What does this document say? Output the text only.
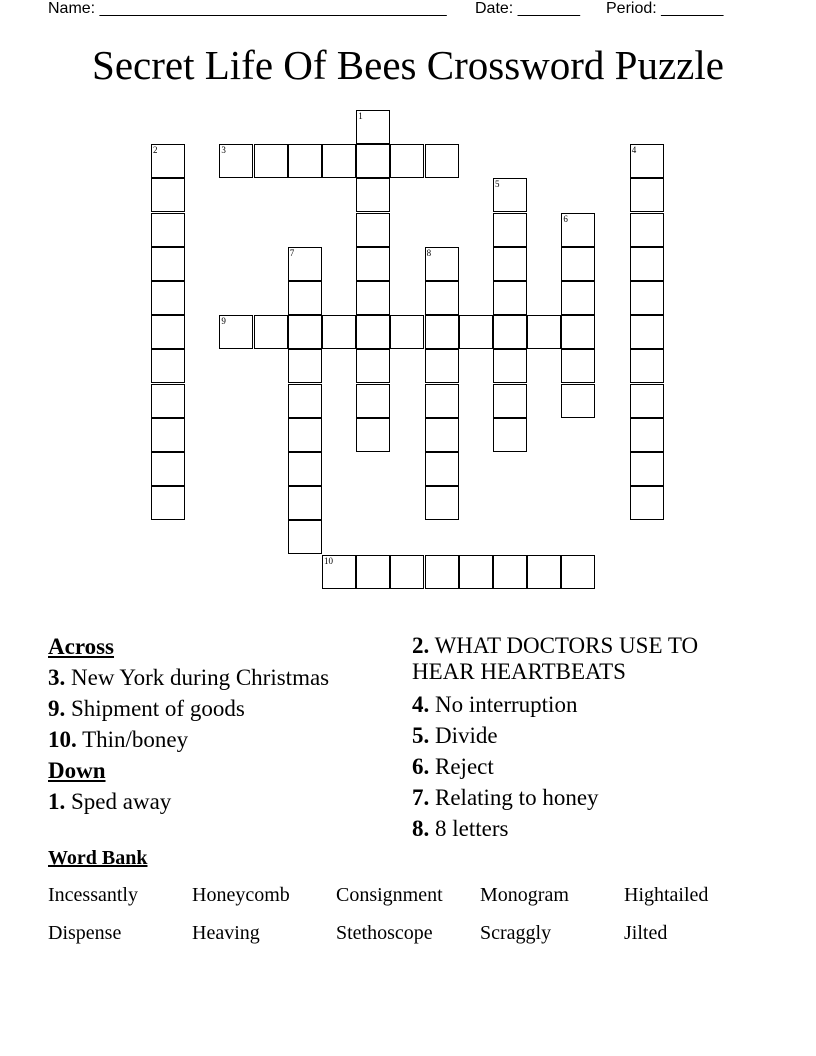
Name: _______________________________________ Date: _______ Period: _______
Secret Life Of Bees Crossword Puzzle
1
2	3	4
5
6
7	8
9
10
Across
3. New York during Christmas
9. Shipment of goods
10. Thin/boney
Down
1. Sped away
2. WHAT DOCTORS USE TO HEAR HEARTBEATS
4. No interruption
5. Divide
6. Reject
7. Relating to honey
8. 8 letters
Word Bank
Incessantly	Honeycomb Consignment Monogram	Hightailed
Dispense	Heaving	Stethoscope Scraggly	Jilted
